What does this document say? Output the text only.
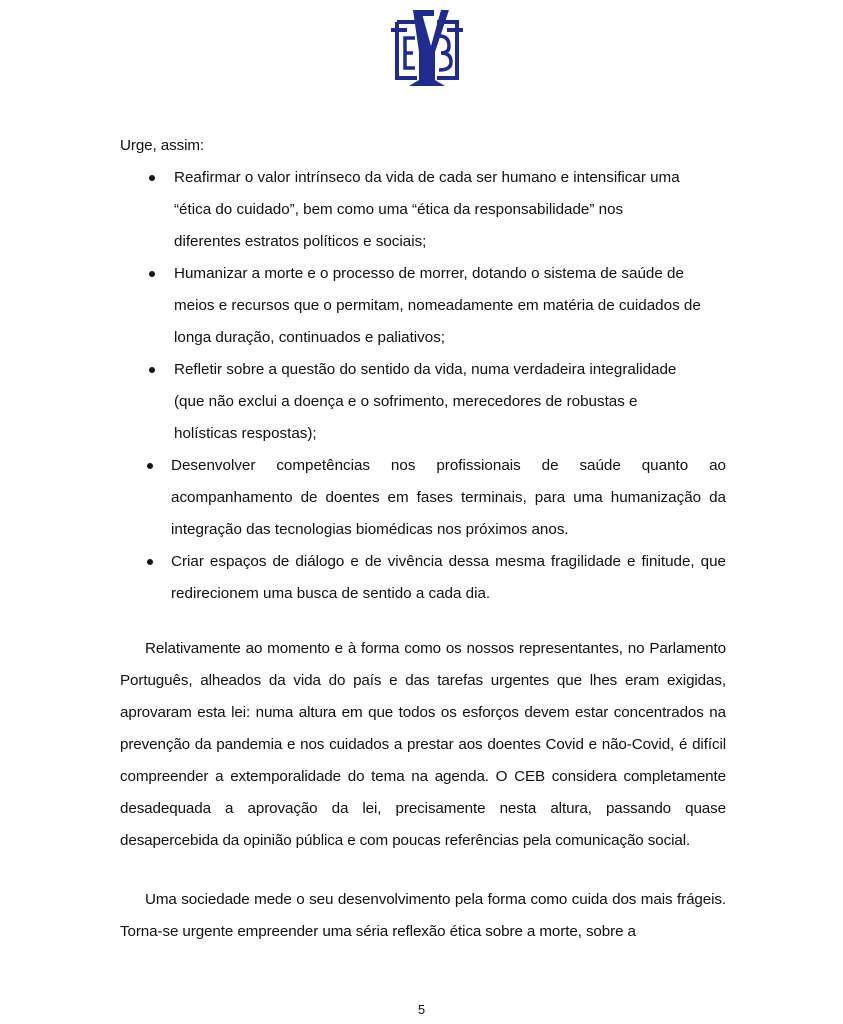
Urge, assim:
Reafirmar o valor intrínseco da vida de cada ser humano e intensificar uma “ética do cuidado”, bem como uma “ética da responsabilidade” nos diferentes estratos políticos e sociais;
Humanizar a morte e o processo de morrer, dotando o sistema de saúde de meios e recursos que o permitam, nomeadamente em matéria de cuidados de longa duração, continuados e paliativos;
Refletir sobre a questão do sentido da vida, numa verdadeira integralidade (que não exclui a doença e o sofrimento, merecedores de robustas e holísticas respostas);
Desenvolver competências nos profissionais de saúde quanto ao acompanhamento de doentes em fases terminais, para uma humanização da integração das tecnologias biomédicas nos próximos anos.
Criar espaços de diálogo e de vivência dessa mesma fragilidade e finitude, que redirecionem uma busca de sentido a cada dia.

Relativamente ao momento e à forma como os nossos representantes, no Parlamento Português, alheados da vida do país e das tarefas urgentes que lhes eram exigidas, aprovaram esta lei: numa altura em que todos os esforços devem estar concentrados na prevenção da pandemia e nos cuidados a prestar aos doentes Covid e não-Covid, é difícil compreender a extemporalidade do tema na agenda. O CEB considera completamente desadequada a aprovação da lei, precisamente nesta altura, passando quase desapercebida da opinião pública e com poucas referências pela comunicação social.

Uma sociedade mede o seu desenvolvimento pela forma como cuida dos mais frágeis. Torna-se urgente empreender uma séria reflexão ética sobre a morte, sobre a

5
